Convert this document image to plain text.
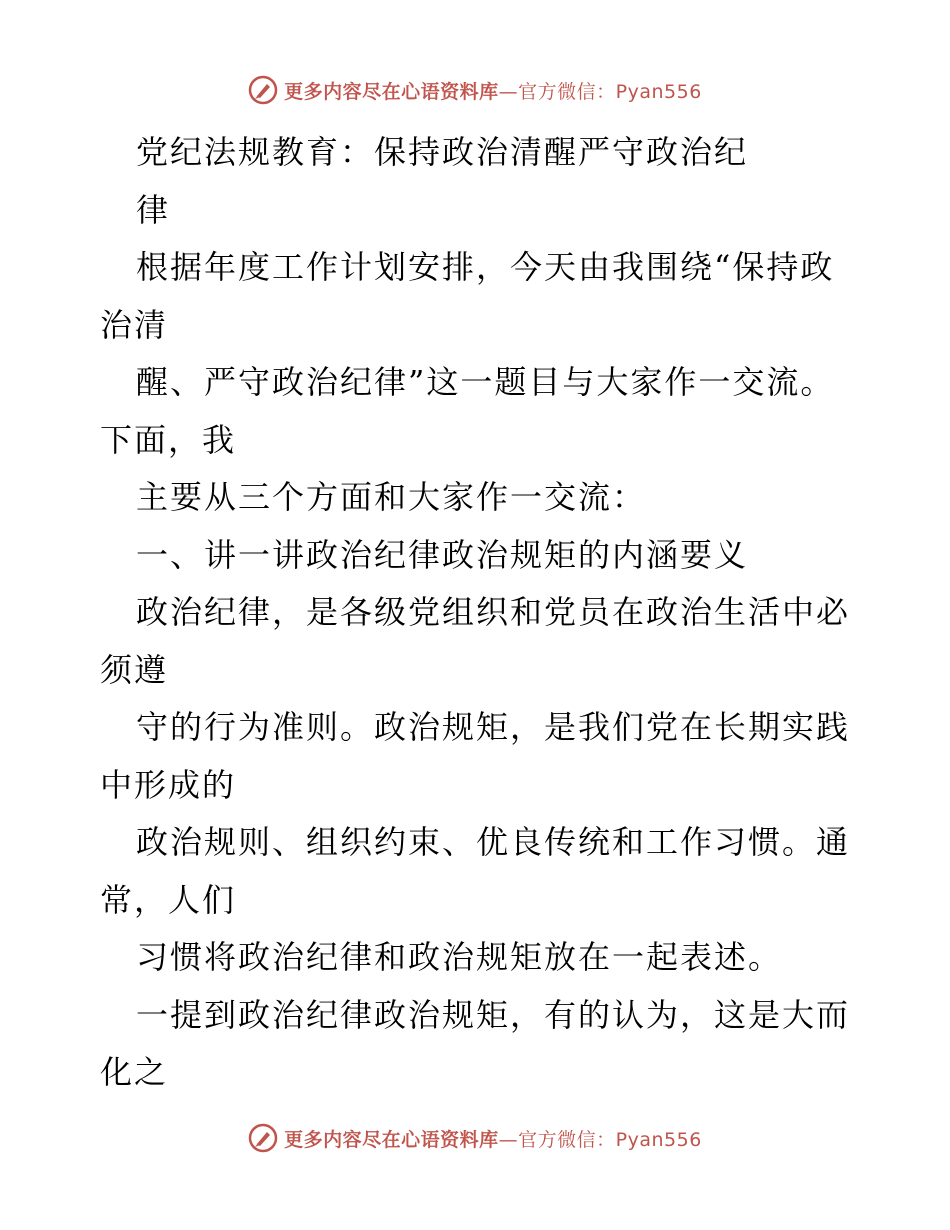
更多内容尽在心语资料库—官方微信：Pyan556
党纪法规教育：保持政治清醒严守政治纪
律
根据年度工作计划安排，今天由我围绕“保持政
治清
醒、严守政治纪律”这一题目与大家作一交流。
下面，我
主要从三个方面和大家作一交流：
一、讲一讲政治纪律政治规矩的内涵要义
政治纪律，是各级党组织和党员在政治生活中必
须遵
守的行为准则。政治规矩，是我们党在长期实践
中形成的
政治规则、组织约束、优良传统和工作习惯。通
常，人们
习惯将政治纪律和政治规矩放在一起表述。
一提到政治纪律政治规矩，有的认为，这是大而
化之
更多内容尽在心语资料库—官方微信：Pyan556
